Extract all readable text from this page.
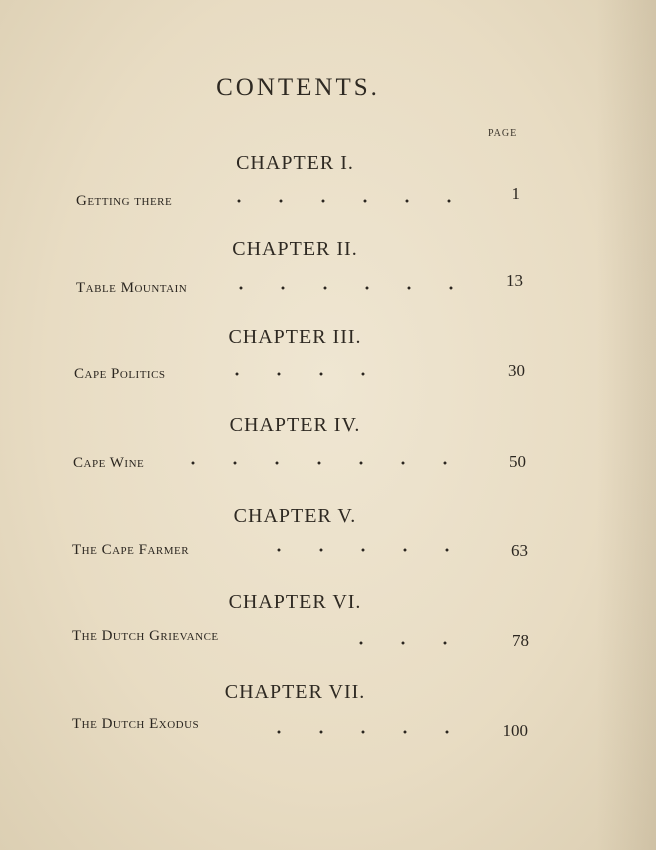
CONTENTS.
PAGE
CHAPTER I.
Getting there	1
CHAPTER II.
Table Mountain	13
CHAPTER III.
Cape Politics	30
CHAPTER IV.
Cape Wine	50
CHAPTER V.
The Cape Farmer	63
CHAPTER VI.
The Dutch Grievance	78
CHAPTER VII.
The Dutch Exodus	100
